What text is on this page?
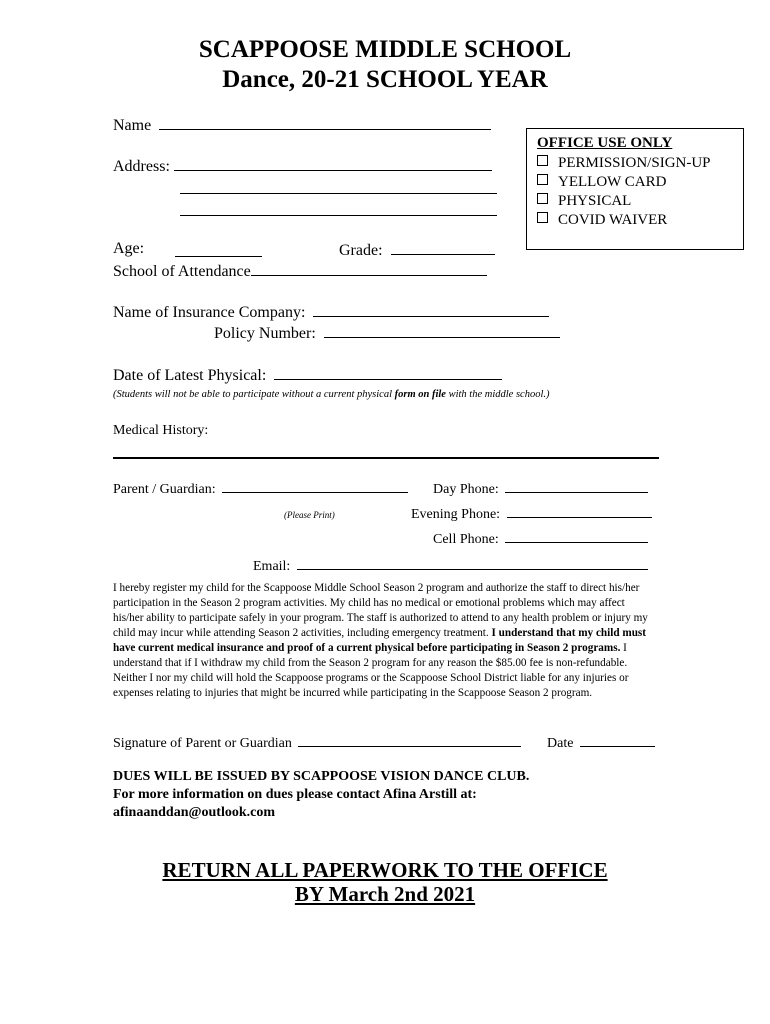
SCAPPOOSE MIDDLE SCHOOL
Dance, 20-21 SCHOOL YEAR
Name
Address:
OFFICE USE ONLY
PERMISSION/SIGN-UP
YELLOW CARD
PHYSICAL
COVID WAIVER
Age:	Grade:
School of Attendance
Name of Insurance Company:
Policy Number:
Date of Latest Physical:
(Students will not be able to participate without a current physical form on file with the middle school.)
Medical History:
Parent / Guardian:
(Please Print)
Day Phone:
Evening Phone:
Cell Phone:
Email:
I hereby register my child for the Scappoose Middle School Season 2 program and authorize the staff to direct his/her participation in the Season 2 program activities. My child has no medical or emotional problems which may affect his/her ability to participate safely in your program. The staff is authorized to attend to any health problem or injury my child may incur while attending Season 2 activities, including emergency treatment. I understand that my child must have current medical insurance and proof of a current physical before participating in Season 2 programs. I understand that if I withdraw my child from the Season 2 program for any reason the $85.00 fee is non-refundable. Neither I nor my child will hold the Scappoose programs or the Scappoose School District liable for any injuries or expenses relating to injuries that might be incurred while participating in the Scappoose Season 2 program.
Signature of Parent or Guardian	Date
DUES WILL BE ISSUED BY SCAPPOOSE VISION DANCE CLUB.
For more information on dues please contact Afina Arstill at:
afinaanddan@outlook.com
RETURN ALL PAPERWORK TO THE OFFICE
BY March 2nd 2021
